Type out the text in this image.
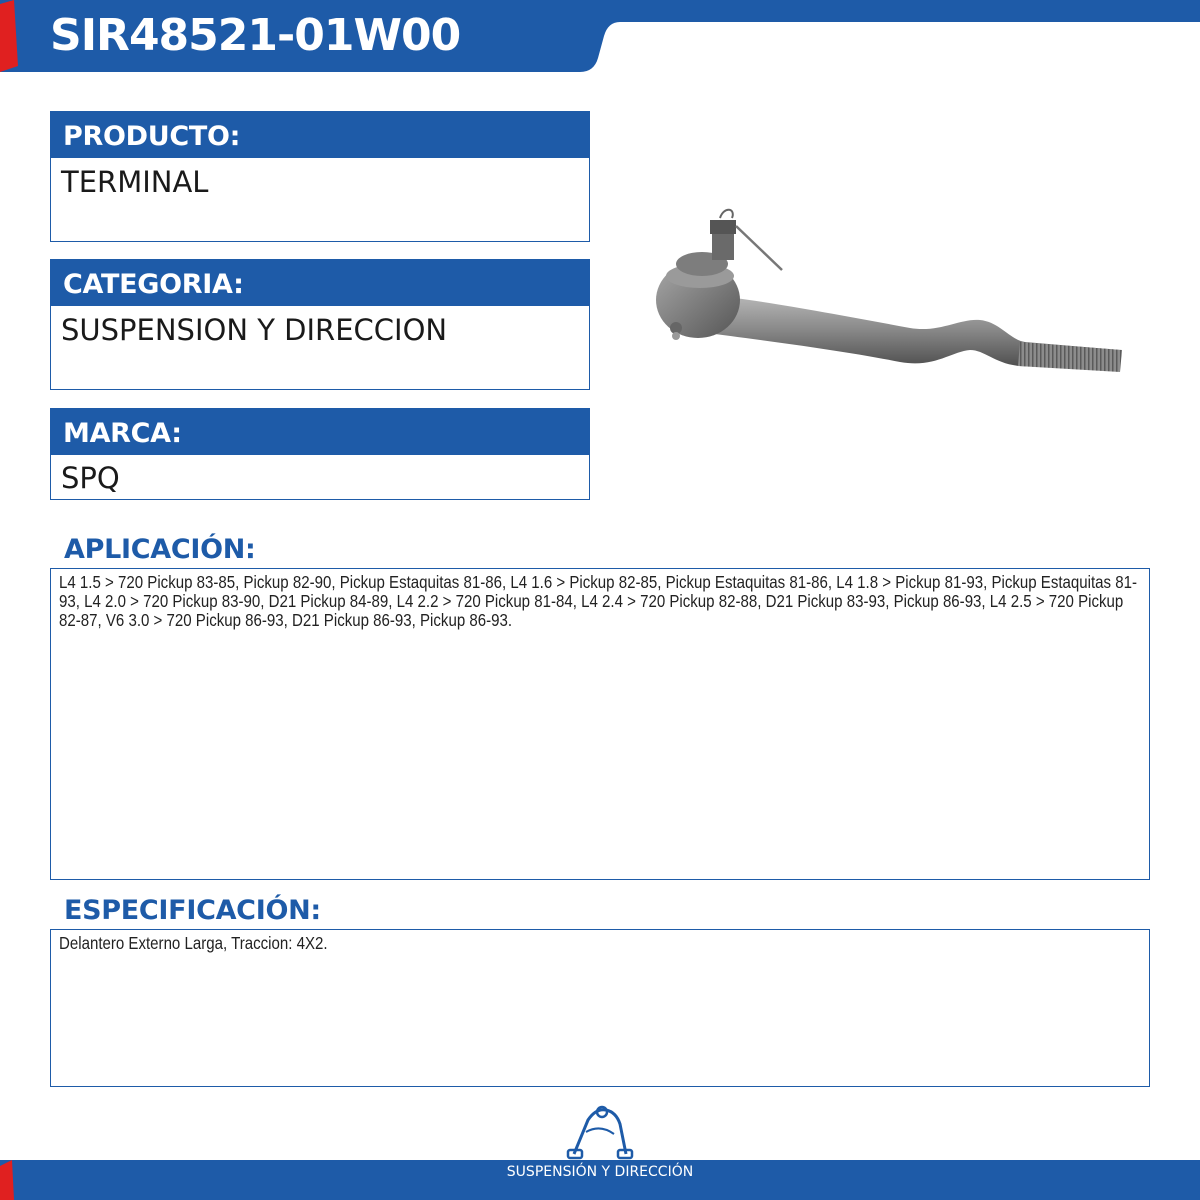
SIR48521-01W00
PRODUCTO:
TERMINAL
CATEGORIA:
SUSPENSION Y DIRECCION
MARCA:
SPQ
APLICACIÓN:
L4 1.5 > 720 Pickup 83-85, Pickup 82-90, Pickup Estaquitas 81-86, L4 1.6 > Pickup 82-85, Pickup Estaquitas 81-86, L4 1.8 > Pickup 81-93, Pickup Estaquitas 81-93, L4 2.0 > 720 Pickup 83-90, D21 Pickup 84-89, L4 2.2 > 720 Pickup 81-84, L4 2.4 > 720 Pickup 82-88, D21 Pickup 83-93, Pickup 86-93, L4 2.5 > 720 Pickup 82-87, V6 3.0 > 720 Pickup 86-93, D21 Pickup 86-93, Pickup 86-93.
ESPECIFICACIÓN:
Delantero Externo Larga, Traccion: 4X2.
SUSPENSIÓN Y DIRECCIÓN
